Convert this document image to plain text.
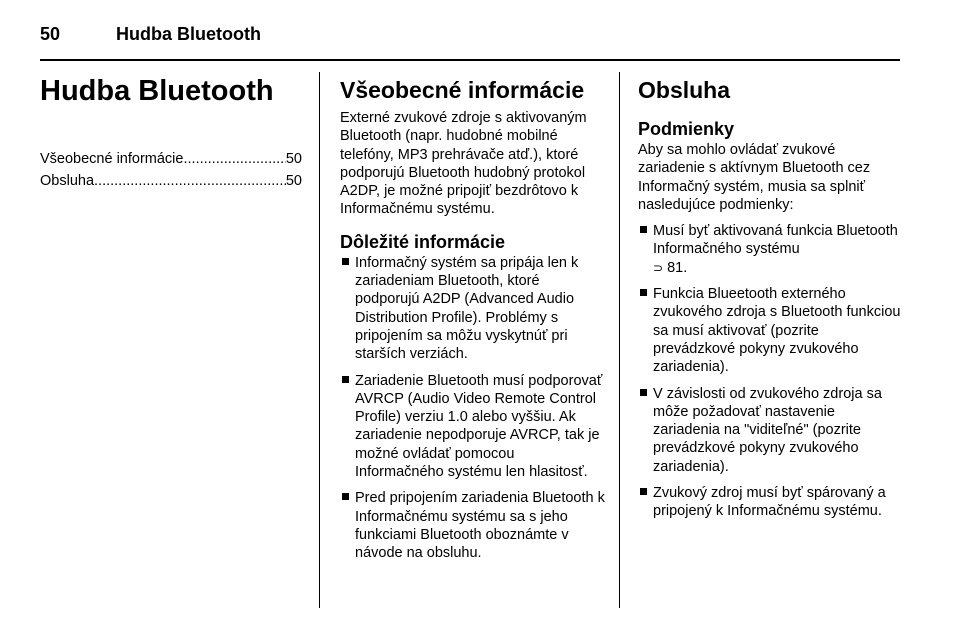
50	Hudba Bluetooth
Hudba Bluetooth
Všeobecné informácie .....	50
Obsluha .....	50
Všeobecné informácie

Externé zvukové zdroje s aktivovaným Bluetooth (napr. hudobné mobilné telefóny, MP3 prehrávače atď.), ktoré podporujú Bluetooth hudobný protokol A2DP, je možné pripojiť bezdrôtovo k Informačnému systému.

Dôležité informácie
Informačný systém sa pripája len k zariadeniam Bluetooth, ktoré podporujú A2DP (Advanced Audio Distribution Profile). Problémy s pripojením sa môžu vyskytnúť pri starších verziách.
Zariadenie Bluetooth musí podporovať AVRCP (Audio Video Remote Control Profile) verziu 1.0 alebo vyššiu. Ak zariadenie nepodporuje AVRCP, tak je možné ovládať pomocou Informačného systému len hlasitosť.
Pred pripojením zariadenia Bluetooth k Informačnému systému sa s jeho funkciami Bluetooth oboznámte v návode na obsluhu.
Obsluha
Podmienky

Aby sa mohlo ovládať zvukové zariadenie s aktívnym Bluetooth cez Informačný systém, musia sa splniť nasledujúce podmienky:

Musí byť aktivovaná funkcia Bluetooth Informačného systému
⊃ 81.
Funkcia Blueetooth externého zvukového zdroja s Bluetooth funkciou sa musí aktivovať (pozrite prevádzkové pokyny zvukového zariadenia).
V závislosti od zvukového zdroja sa môže požadovať nastavenie zariadenia na "viditeľné" (pozrite prevádzkové pokyny zvukového zariadenia).
Zvukový zdroj musí byť spárovaný a pripojený k Informačnému systému.
